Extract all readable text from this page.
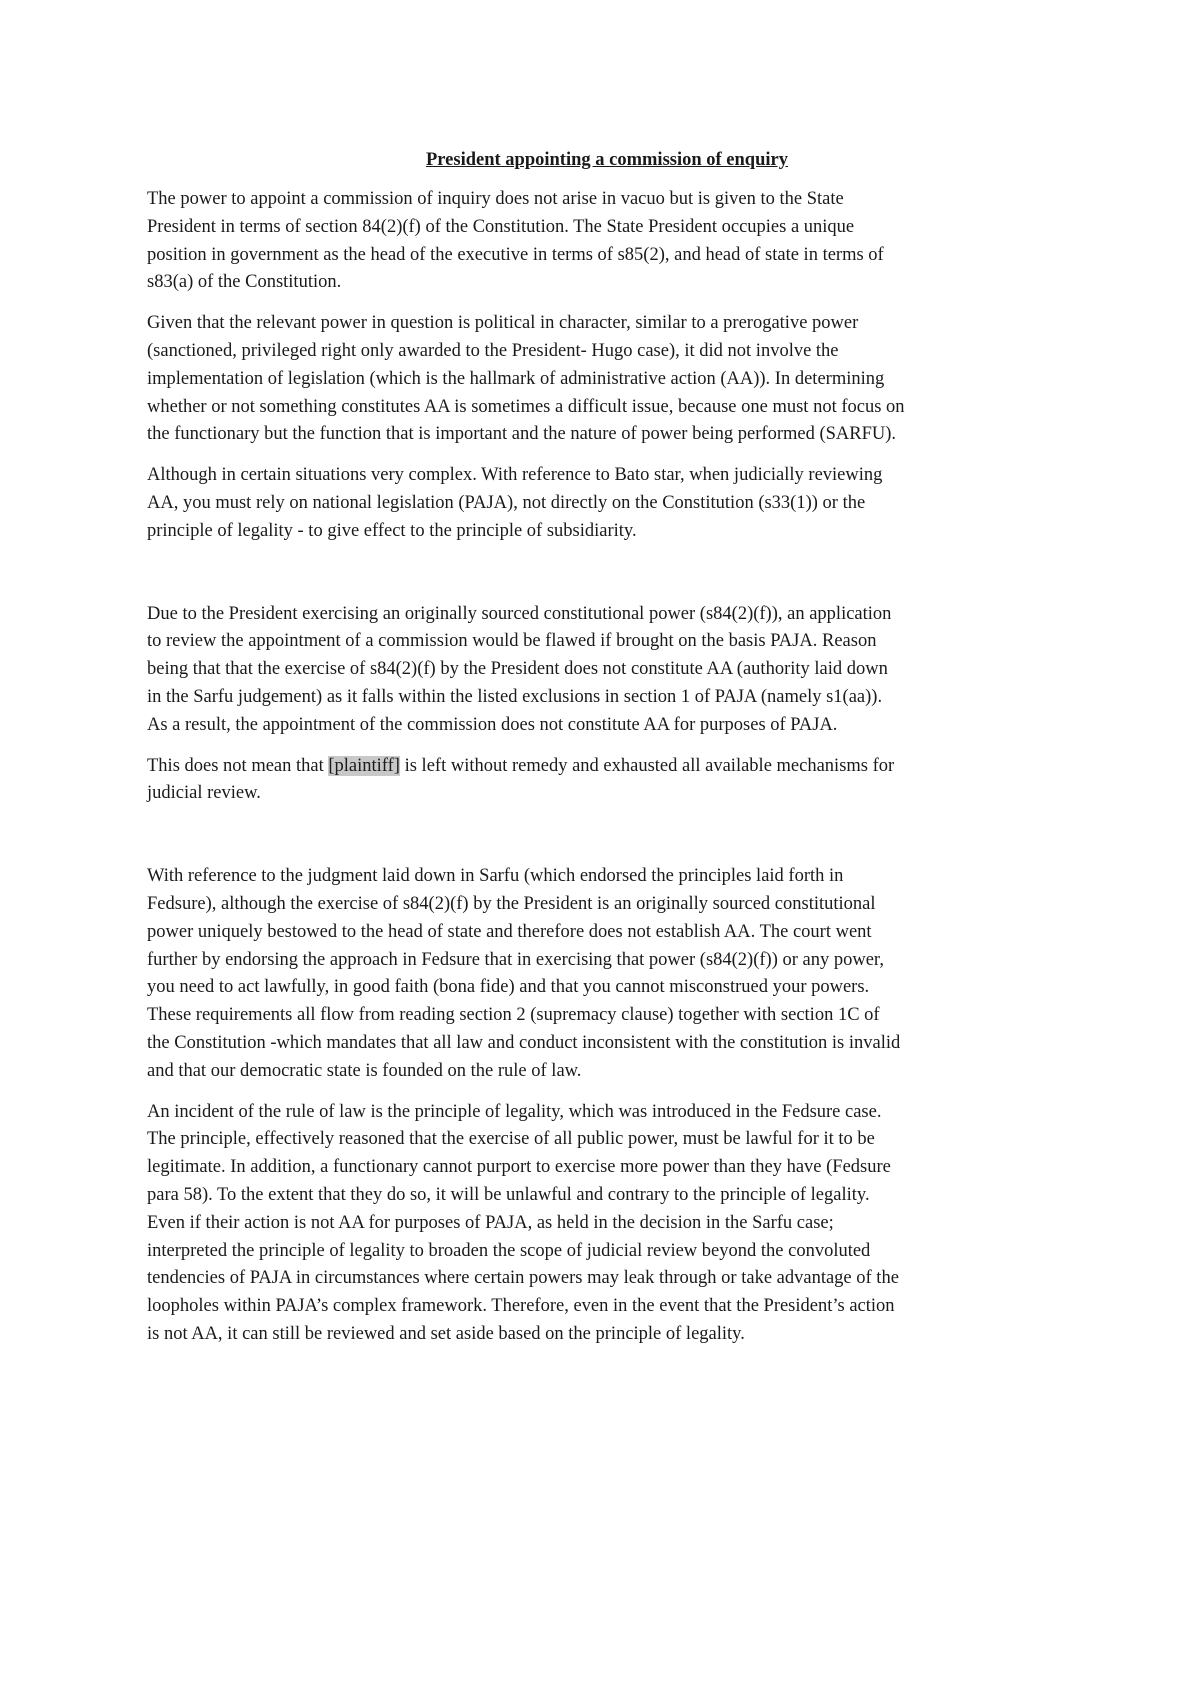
President appointing a commission of enquiry

The power to appoint a commission of inquiry does not arise in vacuo but is given to the State
President in terms of section 84(2)(f) of the Constitution. The State President occupies a unique
position in government as the head of the executive in terms of s85(2), and head of state in terms of
s83(a) of the Constitution.

Given that the relevant power in question is political in character, similar to a prerogative power
(sanctioned, privileged right only awarded to the President- Hugo case), it did not involve the
implementation of legislation (which is the hallmark of administrative action (AA)). In determining
whether or not something constitutes AA is sometimes a difficult issue, because one must not focus on
the functionary but the function that is important and the nature of power being performed (SARFU).

Although in certain situations very complex. With reference to Bato star, when judicially reviewing
AA, you must rely on national legislation (PAJA), not directly on the Constitution (s33(1)) or the
principle of legality - to give effect to the principle of subsidiarity.

Due to the President exercising an originally sourced constitutional power (s84(2)(f)), an application
to review the appointment of a commission would be flawed if brought on the basis PAJA. Reason
being that that the exercise of s84(2)(f) by the President does not constitute AA (authority laid down
in the Sarfu judgement) as it falls within the listed exclusions in section 1 of PAJA (namely s1(aa)).
As a result, the appointment of the commission does not constitute AA for purposes of PAJA.

This does not mean that [plaintiff] is left without remedy and exhausted all available mechanisms for
judicial review.

With reference to the judgment laid down in Sarfu (which endorsed the principles laid forth in
Fedsure), although the exercise of s84(2)(f) by the President is an originally sourced constitutional
power uniquely bestowed to the head of state and therefore does not establish AA. The court went
further by endorsing the approach in Fedsure that in exercising that power (s84(2)(f)) or any power,
you need to act lawfully, in good faith (bona fide) and that you cannot misconstrued your powers.
These requirements all flow from reading section 2 (supremacy clause) together with section 1C of
the Constitution -which mandates that all law and conduct inconsistent with the constitution is invalid
and that our democratic state is founded on the rule of law.

An incident of the rule of law is the principle of legality, which was introduced in the Fedsure case.
The principle, effectively reasoned that the exercise of all public power, must be lawful for it to be
legitimate. In addition, a functionary cannot purport to exercise more power than they have (Fedsure
para 58). To the extent that they do so, it will be unlawful and contrary to the principle of legality.
Even if their action is not AA for purposes of PAJA, as held in the decision in the Sarfu case;
interpreted the principle of legality to broaden the scope of judicial review beyond the convoluted
tendencies of PAJA in circumstances where certain powers may leak through or take advantage of the
loopholes within PAJA’s complex framework. Therefore, even in the event that the President’s action
is not AA, it can still be reviewed and set aside based on the principle of legality.
